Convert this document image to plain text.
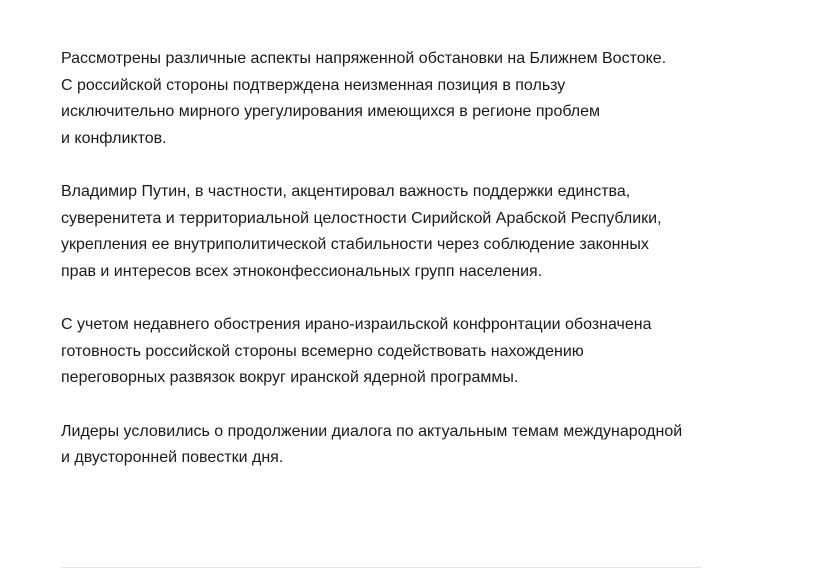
Рассмотрены различные аспекты напряженной обстановки на Ближнем Востоке.
С российской стороны подтверждена неизменная позиция в пользу
исключительно мирного урегулирования имеющихся в регионе проблем
и конфликтов.

Владимир Путин, в частности, акцентировал важность поддержки единства,
суверенитета и территориальной целостности Сирийской Арабской Республики,
укрепления ее внутриполитической стабильности через соблюдение законных
прав и интересов всех этноконфессиональных групп населения.

С учетом недавнего обострения ирано-израильской конфронтации обозначена
готовность российской стороны всемерно содействовать нахождению
переговорных развязок вокруг иранской ядерной программы.

Лидеры условились о продолжении диалога по актуальным темам международной
и двусторонней повестки дня.
